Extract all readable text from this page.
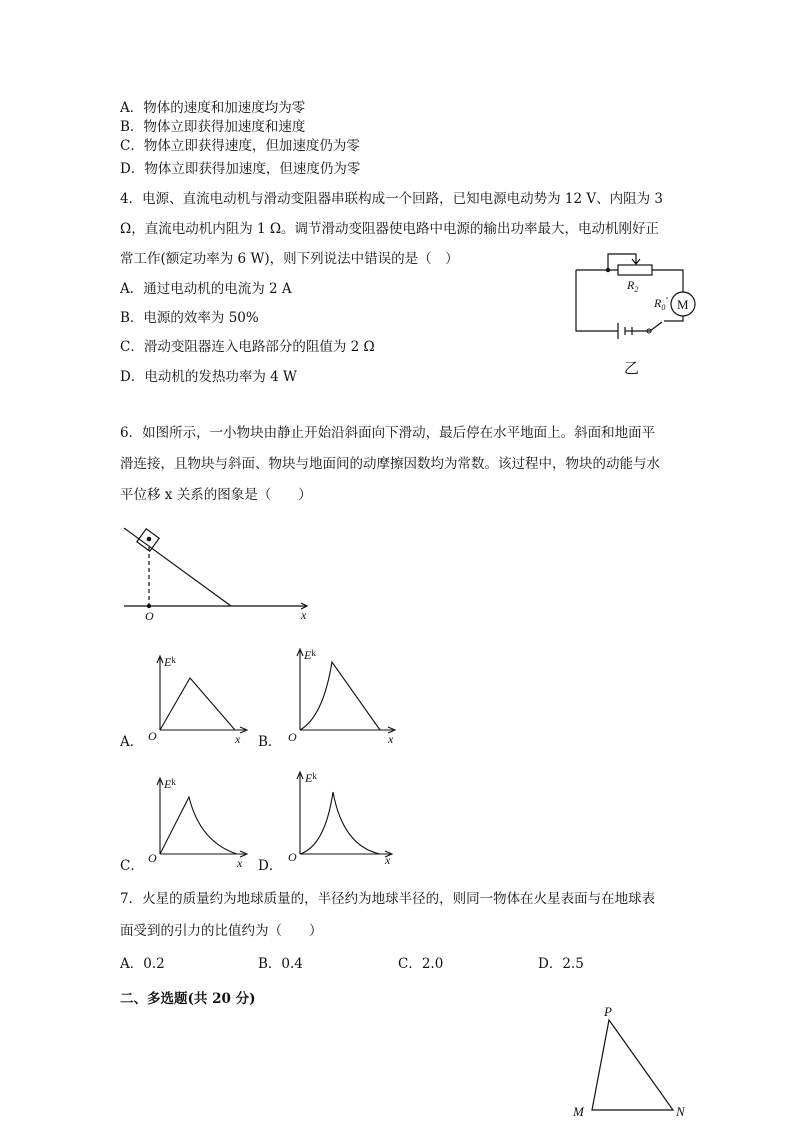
A．物体的速度和加速度均为零
B．物体立即获得加速度和速度
C．物体立即获得速度，但加速度仍为零
D．物体立即获得加速度，但速度仍为零
4．电源、直流电动机与滑动变阻器串联构成一个回路，已知电源电动势为 12 V、内阻为 3
Ω，直流电动机内阻为 1 Ω。调节滑动变阻器使电路中电源的输出功率最大，电动机刚好正
常工作(额定功率为 6 W)，则下列说法中错误的是（　）
A．通过电动机的电流为 2 A
B．电源的效率为 50%
C．滑动变阻器连入电路部分的阻值为 2 Ω
D．电动机的发热功率为 4 W
$R_2$
$R_0'$ M
乙
6．如图所示，一小物块由静止开始沿斜面向下滑动，最后停在水平地面上。斜面和地面平
滑连接，且物块与斜面、物块与地面间的动摩擦因数均为常数。该过程中，物块的动能与水
平位移 x 关系的图象是（　　）
O	x
$E^k$
O	x
A．
$E^k$
O	x
B．
$E^k$
O	x
C．
$E^k$
O	x
D．
7．火星的质量约为地球质量的，半径约为地球半径的，则同一物体在火星表面与在地球表
面受到的引力的比值约为（　　）
A．0.2	B．0.4	C．2.0	D．2.5
二、多选题(共 20 分)
P
M	N
